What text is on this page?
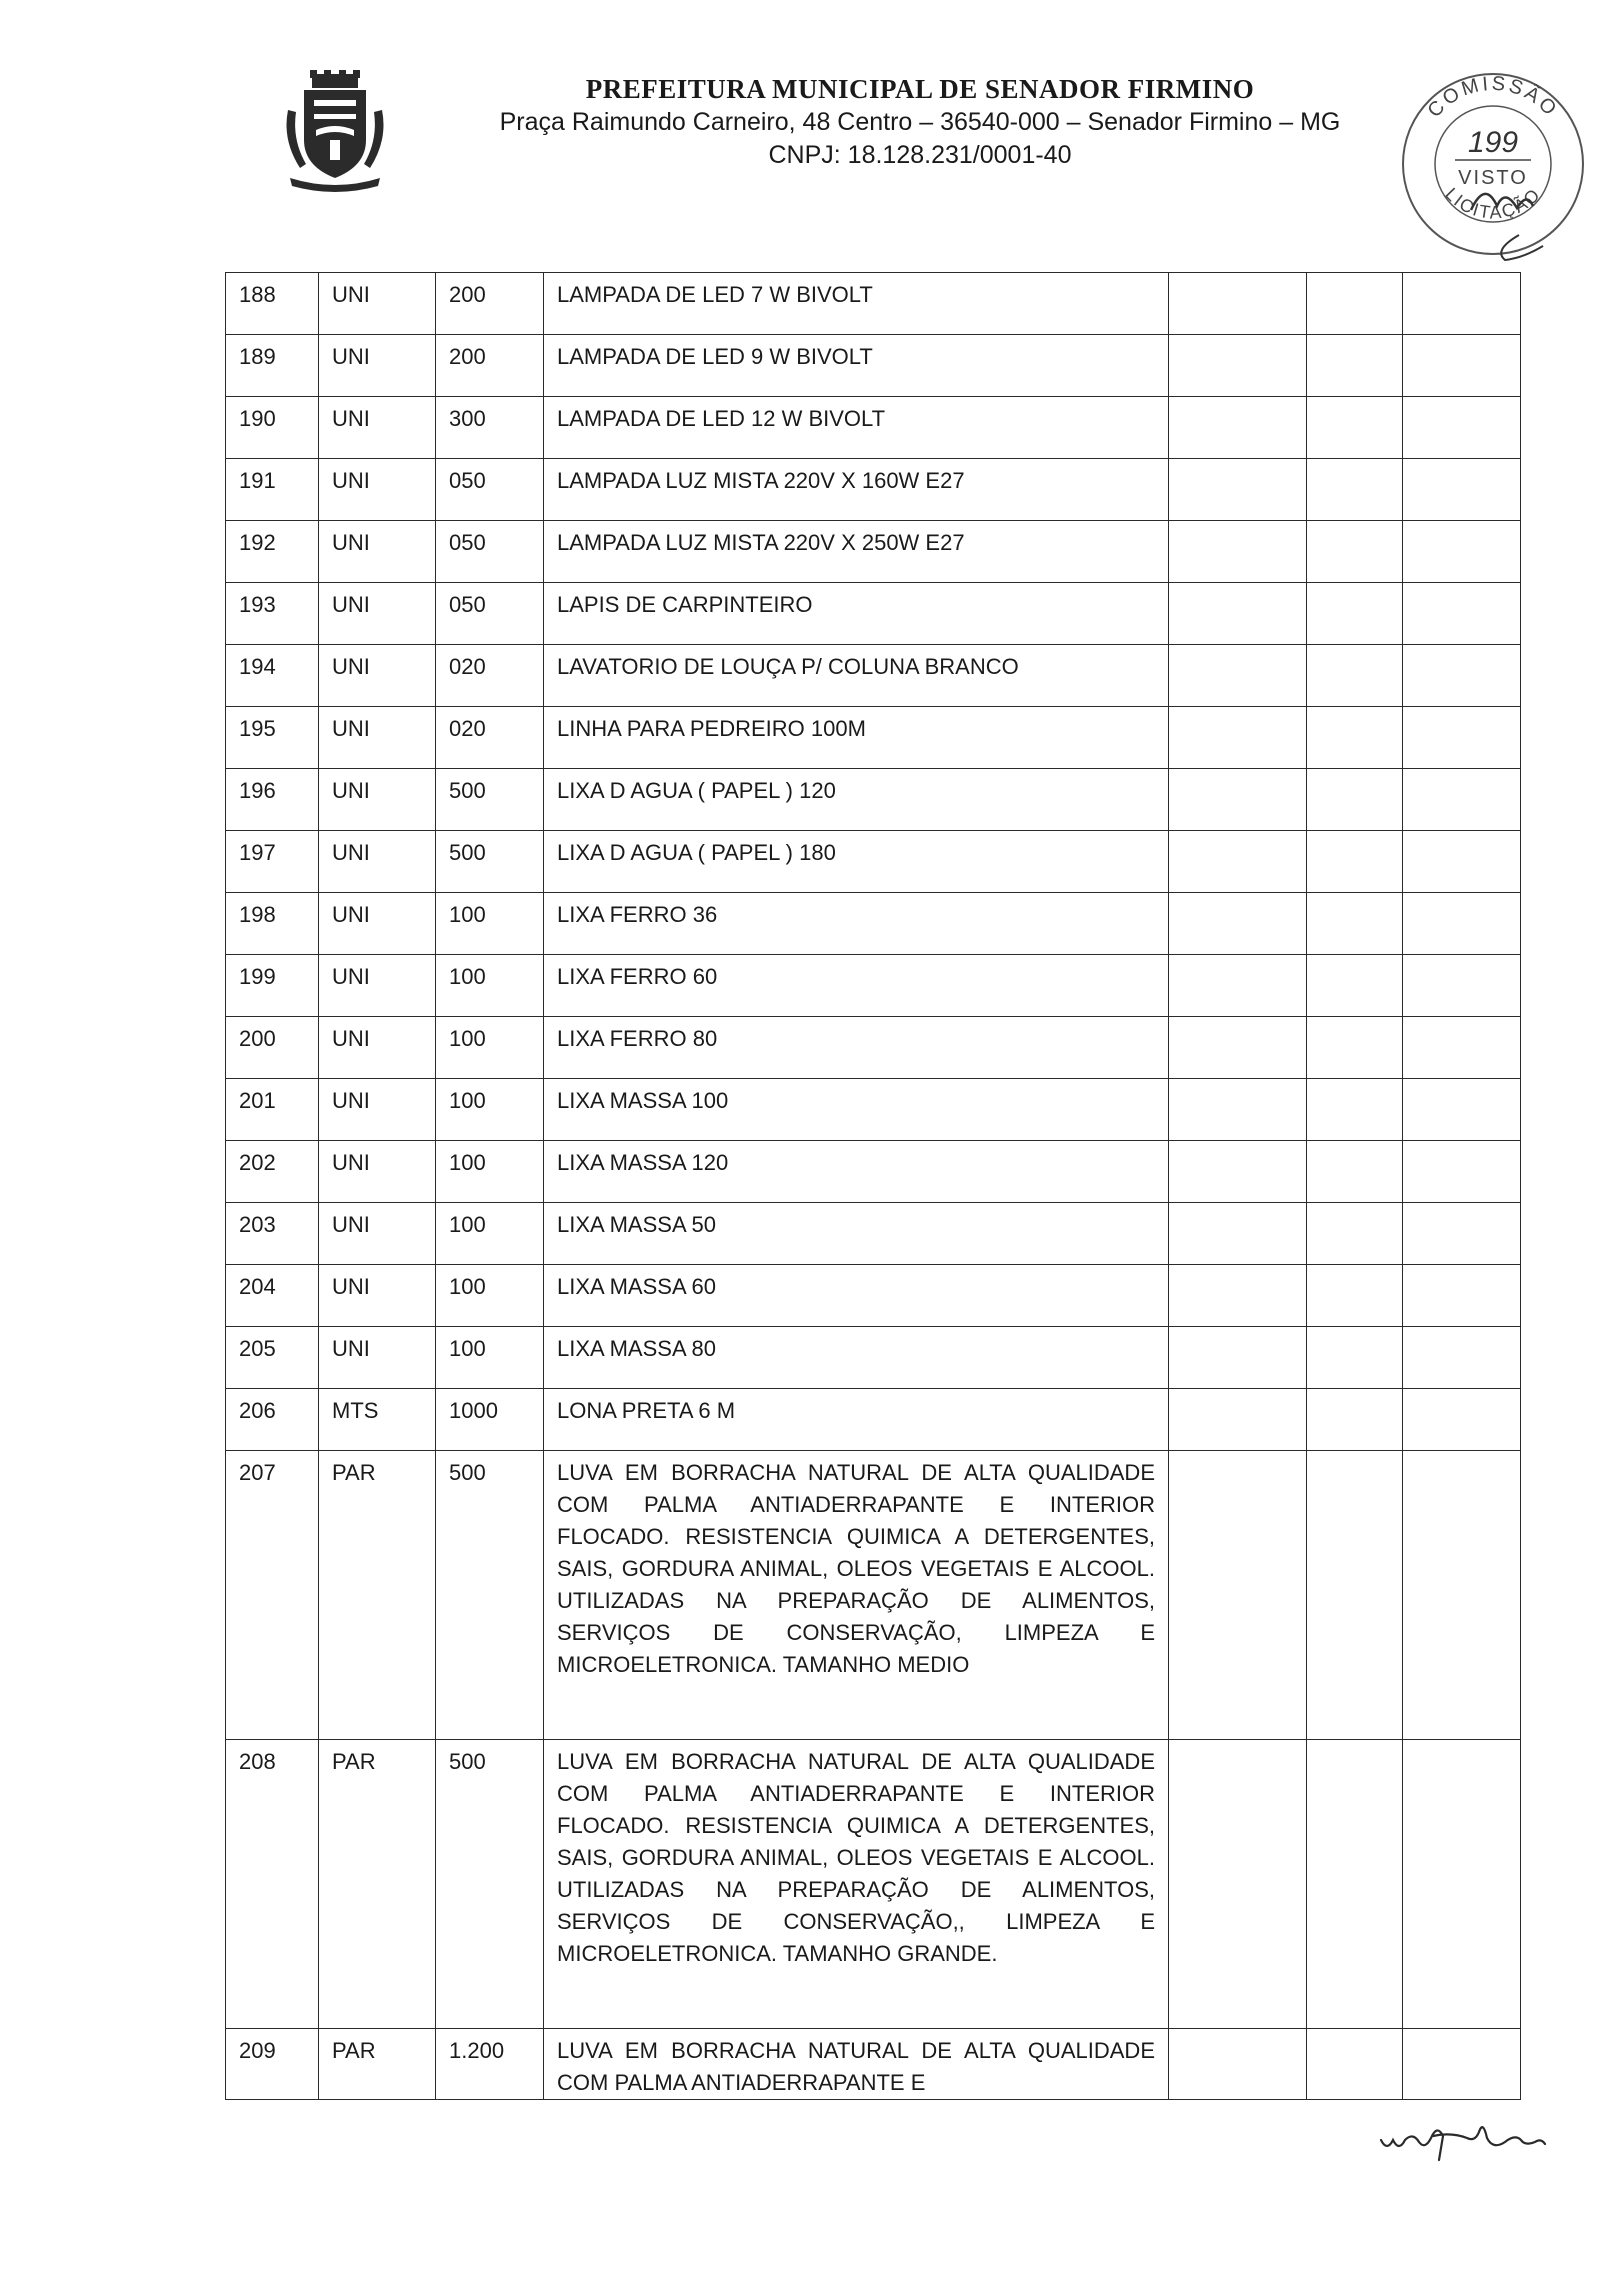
PREFEITURA MUNICIPAL DE SENADOR FIRMINO
Praça Raimundo Carneiro, 48 Centro – 36540-000 – Senador Firmino – MG
CNPJ: 18.128.231/0001-40
COMISSÃO
199
VISTO
LICITAÇÃO
188	UNI	200	LAMPADA DE LED 7 W BIVOLT			
189	UNI	200	LAMPADA DE LED 9 W BIVOLT			
190	UNI	300	LAMPADA DE LED 12 W BIVOLT			
191	UNI	050	LAMPADA LUZ MISTA 220V X 160W E27			
192	UNI	050	LAMPADA LUZ MISTA 220V X 250W E27			
193	UNI	050	LAPIS DE CARPINTEIRO			
194	UNI	020	LAVATORIO DE LOUÇA P/ COLUNA BRANCO			
195	UNI	020	LINHA PARA PEDREIRO 100M			
196	UNI	500	LIXA D AGUA ( PAPEL ) 120			
197	UNI	500	LIXA D AGUA ( PAPEL ) 180			
198	UNI	100	LIXA FERRO 36			
199	UNI	100	LIXA FERRO 60			
200	UNI	100	LIXA FERRO 80			
201	UNI	100	LIXA MASSA 100			
202	UNI	100	LIXA MASSA 120			
203	UNI	100	LIXA MASSA 50			
204	UNI	100	LIXA MASSA 60			
205	UNI	100	LIXA MASSA 80			
206	MTS	1000	LONA PRETA 6 M			
207	PAR	500	LUVA EM BORRACHA NATURAL DE ALTA QUALIDADE COM PALMA ANTIADERRAPANTE E INTERIOR FLOCADO. RESISTENCIA QUIMICA A DETERGENTES, SAIS, GORDURA ANIMAL, OLEOS VEGETAIS E ALCOOL. UTILIZADAS NA PREPARAÇÃO DE ALIMENTOS, SERVIÇOS DE CONSERVAÇÃO, LIMPEZA E MICROELETRONICA. TAMANHO MEDIO			
208	PAR	500	LUVA EM BORRACHA NATURAL DE ALTA QUALIDADE COM PALMA ANTIADERRAPANTE E INTERIOR FLOCADO. RESISTENCIA QUIMICA A DETERGENTES, SAIS, GORDURA ANIMAL, OLEOS VEGETAIS E ALCOOL. UTILIZADAS NA PREPARAÇÃO DE ALIMENTOS, SERVIÇOS DE CONSERVAÇÃO,, LIMPEZA E MICROELETRONICA. TAMANHO GRANDE.			
209	PAR	1.200	LUVA EM BORRACHA NATURAL DE ALTA QUALIDADE COM PALMA ANTIADERRAPANTE E			
